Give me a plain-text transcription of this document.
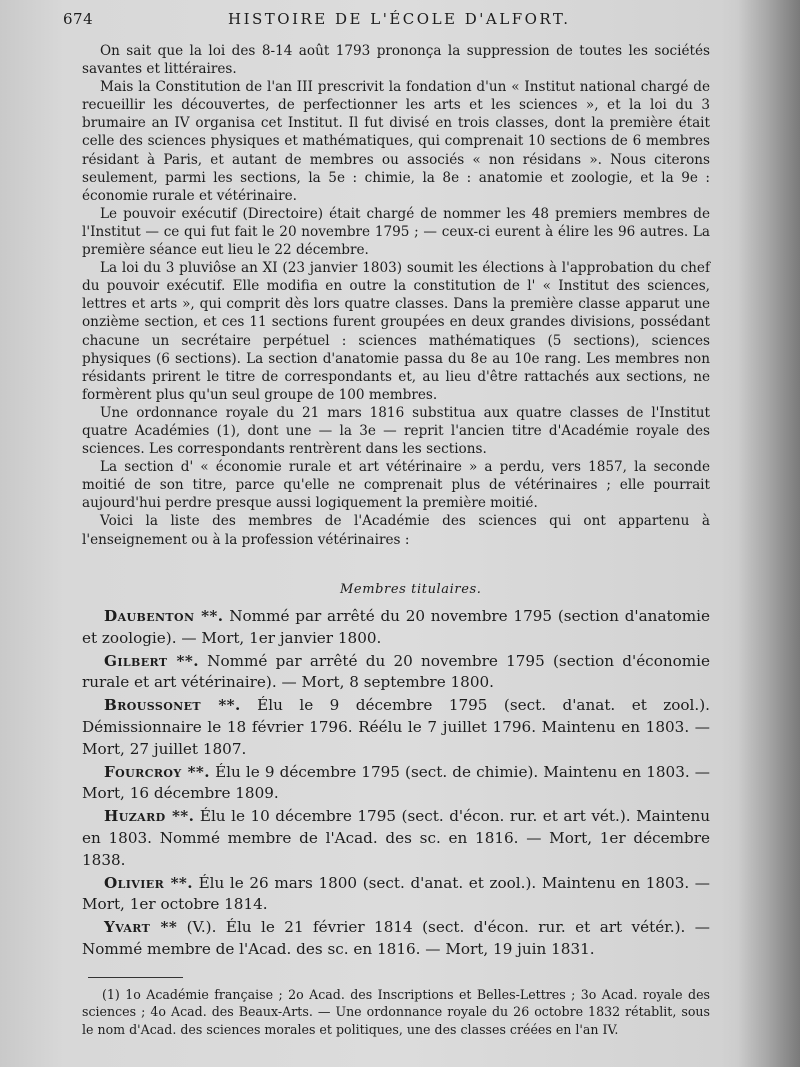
674	HISTOIRE DE L'ÉCOLE D'ALFORT.

On sait que la loi des 8-14 août 1793 prononça la suppression de toutes les sociétés savantes et littéraires.

Mais la Constitution de l'an III prescrivit la fondation d'un « Institut national chargé de recueillir les découvertes, de perfectionner les arts et les sciences », et la loi du 3 brumaire an IV organisa cet Institut. Il fut divisé en trois classes, dont la première était celle des sciences physiques et mathématiques, qui comprenait 10 sections de 6 membres résidant à Paris, et autant de membres ou associés « non résidans ». Nous citerons seulement, parmi les sections, la 5e : chimie, la 8e : anatomie et zoologie, et la 9e : économie rurale et vétérinaire.

Le pouvoir exécutif (Directoire) était chargé de nommer les 48 premiers membres de l'Institut — ce qui fut fait le 20 novembre 1795 ; — ceux-ci eurent à élire les 96 autres. La première séance eut lieu le 22 décembre.

La loi du 3 pluviôse an XI (23 janvier 1803) soumit les élections à l'approbation du chef du pouvoir exécutif. Elle modifia en outre la constitution de l' « Institut des sciences, lettres et arts », qui comprit dès lors quatre classes. Dans la première classe apparut une onzième section, et ces 11 sections furent groupées en deux grandes divisions, possédant chacune un secrétaire perpétuel : sciences mathématiques (5 sections), sciences physiques (6 sections). La section d'anatomie passa du 8e au 10e rang. Les membres non résidants prirent le titre de correspondants et, au lieu d'être rattachés aux sections, ne formèrent plus qu'un seul groupe de 100 membres.

Une ordonnance royale du 21 mars 1816 substitua aux quatre classes de l'Institut quatre Académies (1), dont une — la 3e — reprit l'ancien titre d'Académie royale des sciences. Les correspondants rentrèrent dans les sections.

La section d' « économie rurale et art vétérinaire » a perdu, vers 1857, la seconde moitié de son titre, parce qu'elle ne comprenait plus de vétérinaires ; elle pourrait aujourd'hui perdre presque aussi logiquement la première moitié.

Voici la liste des membres de l'Académie des sciences qui ont appartenu à l'enseignement ou à la profession vétérinaires :

Membres titulaires.

Daubenton **. Nommé par arrêté du 20 novembre 1795 (section d'anatomie et zoologie). — Mort, 1er janvier 1800.

Gilbert **. Nommé par arrêté du 20 novembre 1795 (section d'économie rurale et art vétérinaire). — Mort, 8 septembre 1800.

Broussonet **. Élu le 9 décembre 1795 (sect. d'anat. et zool.). Démissionnaire le 18 février 1796. Réélu le 7 juillet 1796. Maintenu en 1803. — Mort, 27 juillet 1807.

Fourcroy **. Élu le 9 décembre 1795 (sect. de chimie). Maintenu en 1803. — Mort, 16 décembre 1809.

Huzard **. Élu le 10 décembre 1795 (sect. d'écon. rur. et art vét.). Maintenu en 1803. Nommé membre de l'Acad. des sc. en 1816. — Mort, 1er décembre 1838.

Olivier **. Élu le 26 mars 1800 (sect. d'anat. et zool.). Maintenu en 1803. — Mort, 1er octobre 1814.

Yvart ** (V.). Élu le 21 février 1814 (sect. d'écon. rur. et art vétér.). — Nommé membre de l'Acad. des sc. en 1816. — Mort, 19 juin 1831.

(1) 1o Académie française ; 2o Acad. des Inscriptions et Belles-Lettres ; 3o Acad. royale des sciences ; 4o Acad. des Beaux-Arts. — Une ordonnance royale du 26 octobre 1832 rétablit, sous le nom d'Acad. des sciences morales et politiques, une des classes créées en l'an IV.
